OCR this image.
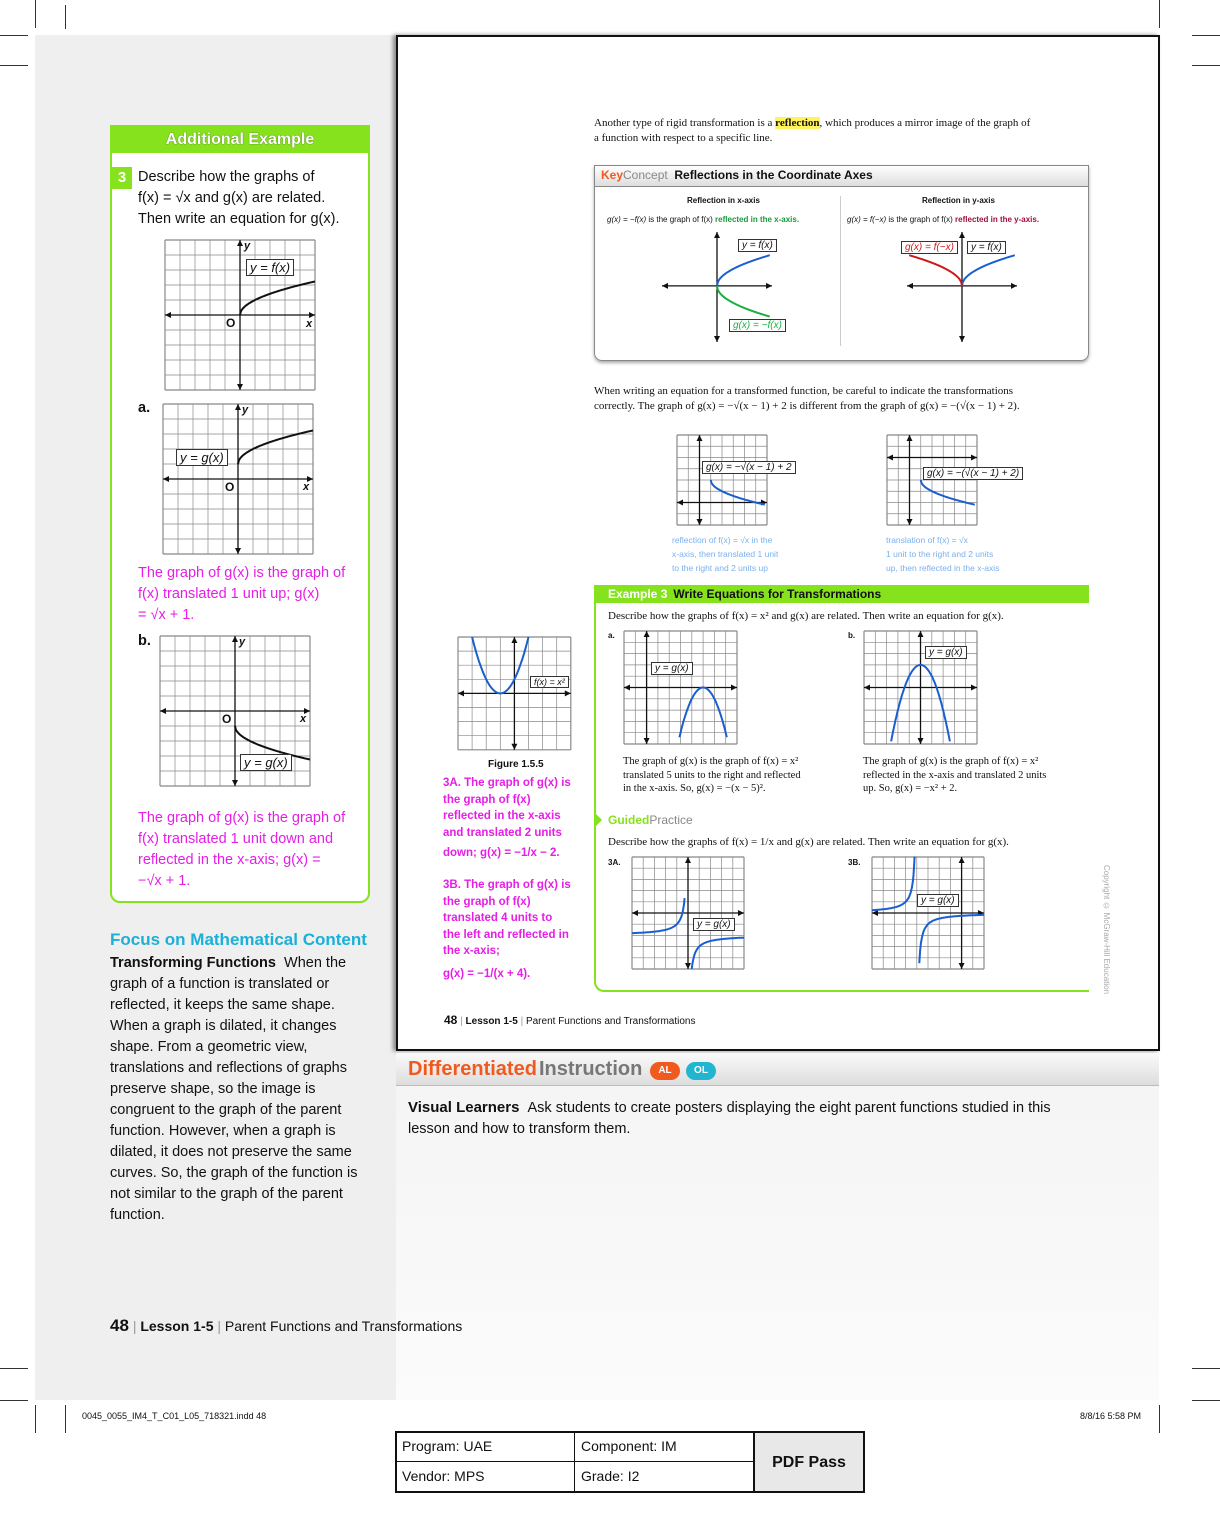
Additional Example
3 Describe how the graphs of
f(x) = √x and g(x) are related.
Then write an equation for g(x).
y = f(x)
O	x
y
a.
y = g(x)
O	x
y
The graph of g(x) is the graph of
f(x) translated 1 unit up; g(x)
= √x + 1.
b.
y = g(x)
O	x
y
The graph of g(x) is the graph of
f(x) translated 1 unit down and
reflected in the x-axis; g(x) =
−√x + 1.
Focus on Mathematical Content
Transforming Functions When the
graph of a function is translated or
reflected, it keeps the same shape.
When a graph is dilated, it changes
shape. From a geometric view,
translations and reflections of graphs
preserve shape, so the image is
congruent to the graph of the parent
function. However, when a graph is
dilated, it does not preserve the same
curves. So, the graph of the function is
not similar to the graph of the parent
function.
48 | Lesson 1-5 | Parent Functions and Transformations
Another type of rigid transformation is a reflection, which produces a mirror image of the graph of
a function with respect to a specific line.
KeyConcept Reflections in the Coordinate Axes
Reflection in x-axis
g(x) = −f(x) is the graph of f(x) reflected in the x-axis.
Reflection in y-axis
g(x) = f(−x) is the graph of f(x) reflected in the y-axis.
y = f(x)
g(x) = −f(x)
g(x) = f(−x)	y = f(x)
When writing an equation for a transformed function, be careful to indicate the transformations
correctly. The graph of g(x) = −√(x − 1) + 2 is different from the graph of g(x) = −(√(x − 1) + 2).
g(x) = −√(x − 1) + 2
reflection of f(x) = √x in the
x-axis, then translated 1 unit
to the right and 2 units up
g(x) = −(√(x − 1) + 2)
translation of f(x) = √x
1 unit to the right and 2 units
up, then reflected in the x-axis
f(x) = x²
Figure 1.5.5
3A. The graph of g(x) is
the graph of f(x)
reflected in the x-axis
and translated 2 units
down; g(x) = −1/x − 2.
3B. The graph of g(x) is
the graph of f(x)
translated 4 units to
the left and reflected in
the x-axis;
g(x) = −1/(x + 4).
Example 3 Write Equations for Transformations
Describe how the graphs of f(x) = x² and g(x) are related. Then write an equation for g(x).
a.
y = g(x)
The graph of g(x) is the graph of f(x) = x²
translated 5 units to the right and reflected
in the x-axis. So, g(x) = −(x − 5)².
b.
y = g(x)
The graph of g(x) is the graph of f(x) = x²
reflected in the x-axis and translated 2 units
up. So, g(x) = −x² + 2.
GuidedPractice
Describe how the graphs of f(x) = 1/x and g(x) are related. Then write an equation for g(x).
3A.
y = g(x)
3B.
y = g(x)	Copyright © McGraw-Hill Education
48 | Lesson 1-5 | Parent Functions and Transformations
Differentiated Instruction	AL	OL
Visual Learners Ask students to create posters displaying the eight parent functions studied in this
lesson and how to transform them.
0045_0055_IM4_T_C01_L05_718321.indd 48	8/8/16 5:58 PM
Program: UAE	Component: IM
Vendor: MPS	Grade: I2
PDF Pass
